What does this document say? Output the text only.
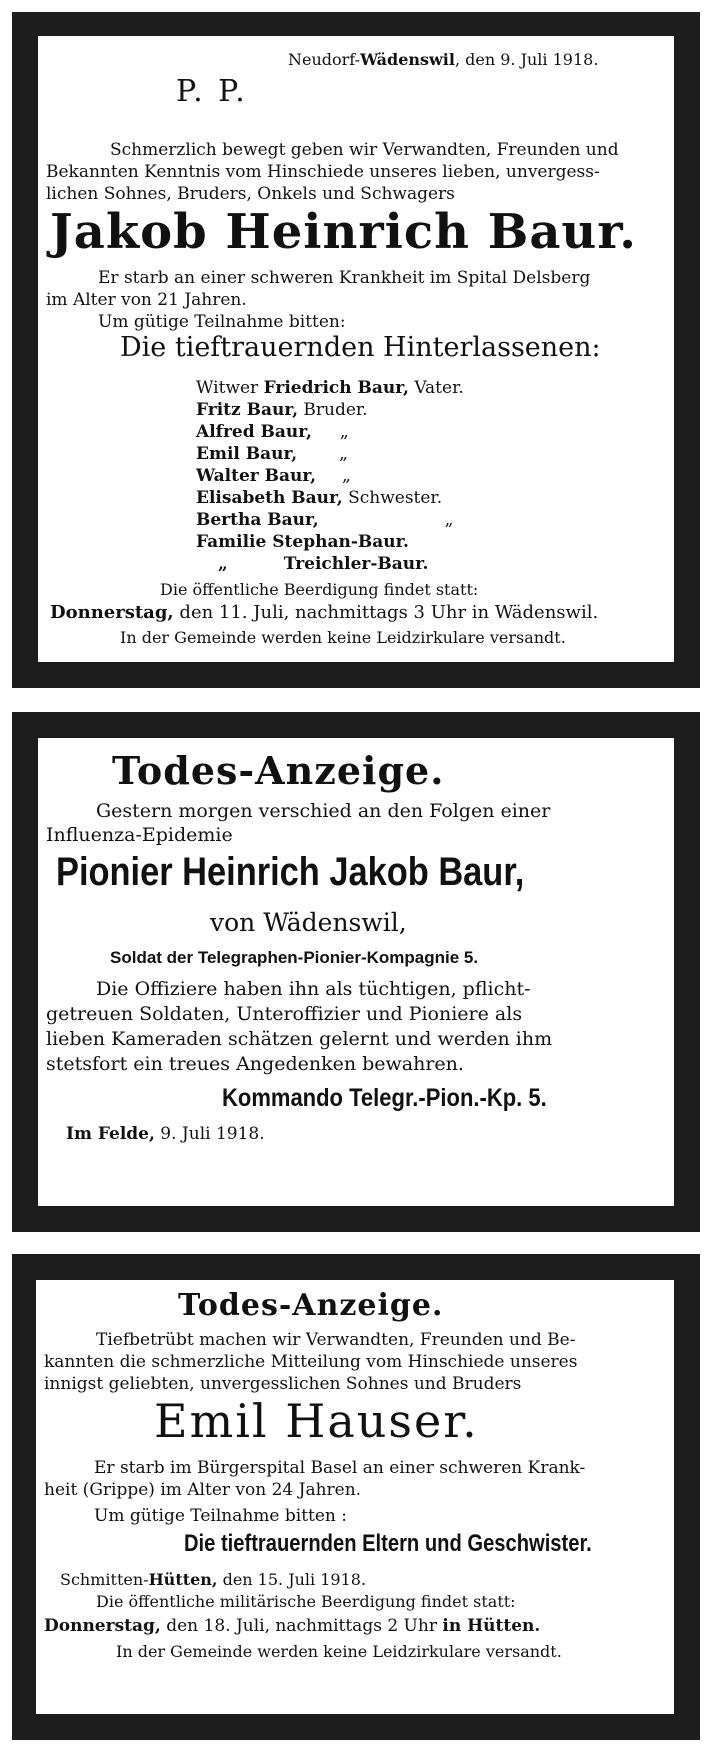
Neudorf-Wädenswil, den 9. Juli 1918.

P. P.

Schmerzlich bewegt geben wir Verwandten, Freunden und

Bekannten Kenntnis vom Hinschiede unseres lieben, unvergess-

lichen Sohnes, Bruders, Onkels und Schwagers

Jakob Heinrich Baur.

Er starb an einer schweren Krankheit im Spital Delsberg

im Alter von 21 Jahren.

Um gütige Teilnahme bitten:

Die tieftrauernden Hinterlassenen:

Witwer Friedrich Baur, Vater.

Fritz Baur, Bruder.

Alfred Baur, „

Emil Baur, „

Walter Baur, „

Elisabeth Baur, Schwester.

Bertha Baur,	„

Familie Stephan-Baur.

„	Treichler-Baur.

Die öffentliche Beerdigung findet statt:

Donnerstag, den 11. Juli, nachmittags 3 Uhr in Wädenswil.

In der Gemeinde werden keine Leidzirkulare versandt.

Todes-Anzeige.

Gestern morgen verschied an den Folgen einer

Influenza-Epidemie

Pionier Heinrich Jakob Baur,

von Wädenswil,

Soldat der Telegraphen-Pionier-Kompagnie 5.

Die Offiziere haben ihn als tüchtigen, pflicht-

getreuen Soldaten, Unteroffizier und Pioniere als

lieben Kameraden schätzen gelernt und werden ihm

stetsfort ein treues Angedenken bewahren.

Kommando Telegr.-Pion.-Kp. 5.

Im Felde, 9. Juli 1918.

Todes-Anzeige.

Tiefbetrübt machen wir Verwandten, Freunden und Be-

kannten die schmerzliche Mitteilung vom Hinschiede unseres

innigst geliebten, unvergesslichen Sohnes und Bruders

Emil Hauser.

Er starb im Bürgerspital Basel an einer schweren Krank-

heit (Grippe) im Alter von 24 Jahren.

Um gütige Teilnahme bitten :

Die tieftrauernden Eltern und Geschwister.

Schmitten-Hütten, den 15. Juli 1918.

Die öffentliche militärische Beerdigung findet statt:

Donnerstag, den 18. Juli, nachmittags 2 Uhr in Hütten.

In der Gemeinde werden keine Leidzirkulare versandt.
